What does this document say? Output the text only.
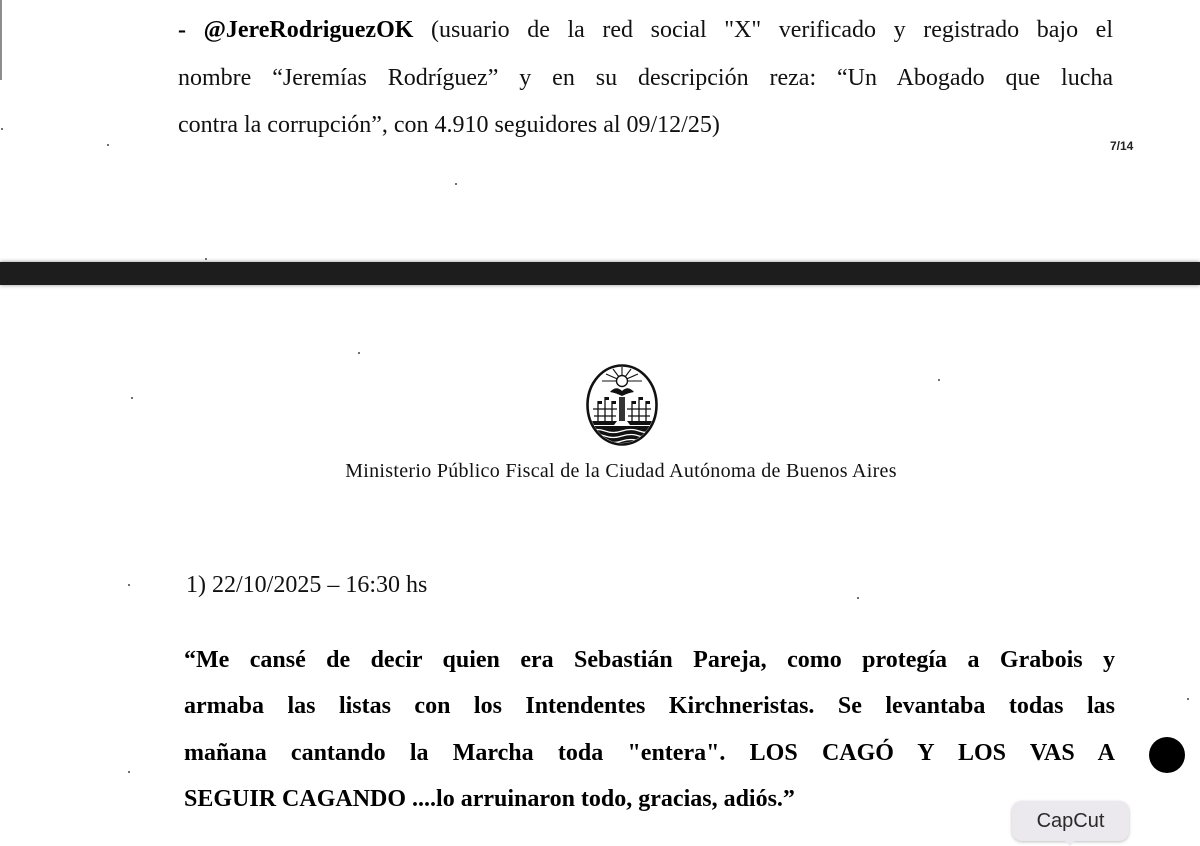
- @JereRodriguezOK (usuario de la red social "X" verificado y registrado bajo el
nombre “Jeremías Rodríguez” y en su descripción reza: “Un Abogado que lucha
contra la corrupción”, con 4.910 seguidores al 09/12/25)
7/14
Ministerio Público Fiscal de la Ciudad Autónoma de Buenos Aires
1) 22/10/2025 – 16:30 hs
“Me cansé de decir quien era Sebastián Pareja, como protegía a Grabois y
armaba las listas con los Intendentes Kirchneristas. Se levantaba todas las
mañana cantando la Marcha toda "entera". LOS CAGÓ Y LOS VAS A
SEGUIR CAGANDO ....lo arruinaron todo, gracias, adiós.”
CapCut
